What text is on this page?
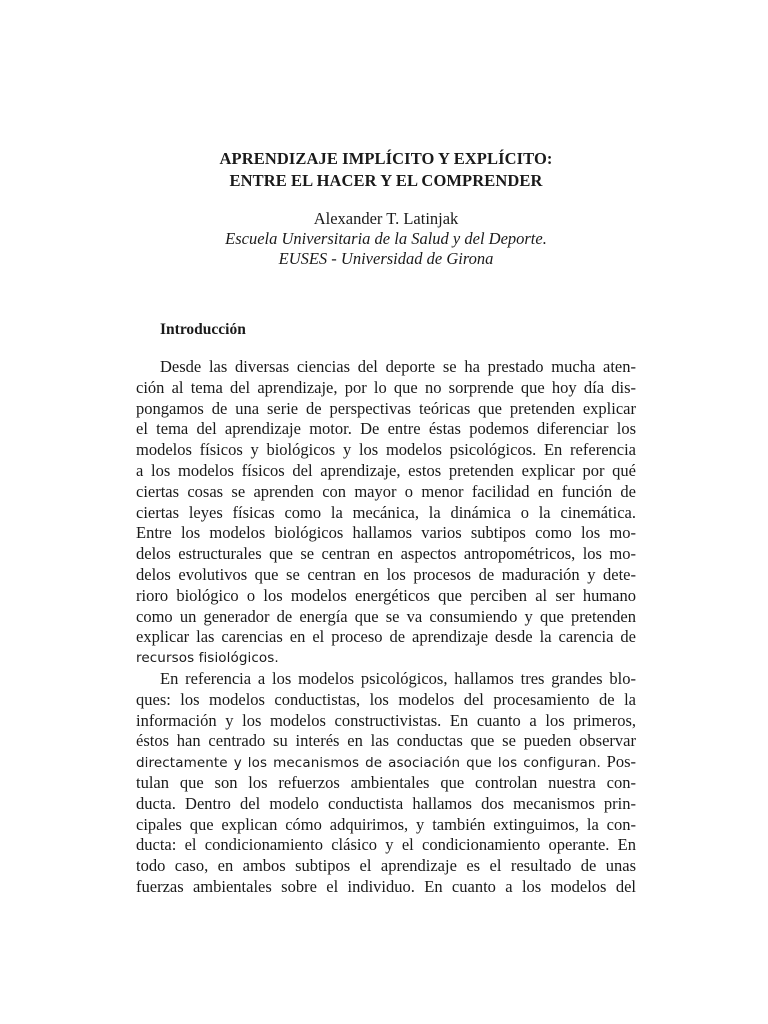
APRENDIZAJE IMPLÍCITO Y EXPLÍCITO:
ENTRE EL HACER Y EL COMPRENDER
Alexander T. Latinjak
Escuela Universitaria de la Salud y del Deporte.
EUSES - Universidad de Girona
Introducción
Desde las diversas ciencias del deporte se ha prestado mucha aten-
ción al tema del aprendizaje, por lo que no sorprende que hoy día dis-
pongamos de una serie de perspectivas teóricas que pretenden explicar
el tema del aprendizaje motor. De entre éstas podemos diferenciar los
modelos físicos y biológicos y los modelos psicológicos. En referencia
a los modelos físicos del aprendizaje, estos pretenden explicar por qué
ciertas cosas se aprenden con mayor o menor facilidad en función de
ciertas leyes físicas como la mecánica, la dinámica o la cinemática.
Entre los modelos biológicos hallamos varios subtipos como los mo-
delos estructurales que se centran en aspectos antropométricos, los mo-
delos evolutivos que se centran en los procesos de maduración y dete-
rioro biológico o los modelos energéticos que perciben al ser humano
como un generador de energía que se va consumiendo y que pretenden
explicar las carencias en el proceso de aprendizaje desde la carencia de
recursos fisiológicos.
En referencia a los modelos psicológicos, hallamos tres grandes blo-
ques: los modelos conductistas, los modelos del procesamiento de la
información y los modelos constructivistas. En cuanto a los primeros,
éstos han centrado su interés en las conductas que se pueden observar
directamente y los mecanismos de asociación que los configuran. Pos-
tulan que son los refuerzos ambientales que controlan nuestra con-
ducta. Dentro del modelo conductista hallamos dos mecanismos prin-
cipales que explican cómo adquirimos, y también extinguimos, la con-
ducta: el condicionamiento clásico y el condicionamiento operante. En
todo caso, en ambos subtipos el aprendizaje es el resultado de unas
fuerzas ambientales sobre el individuo. En cuanto a los modelos del
